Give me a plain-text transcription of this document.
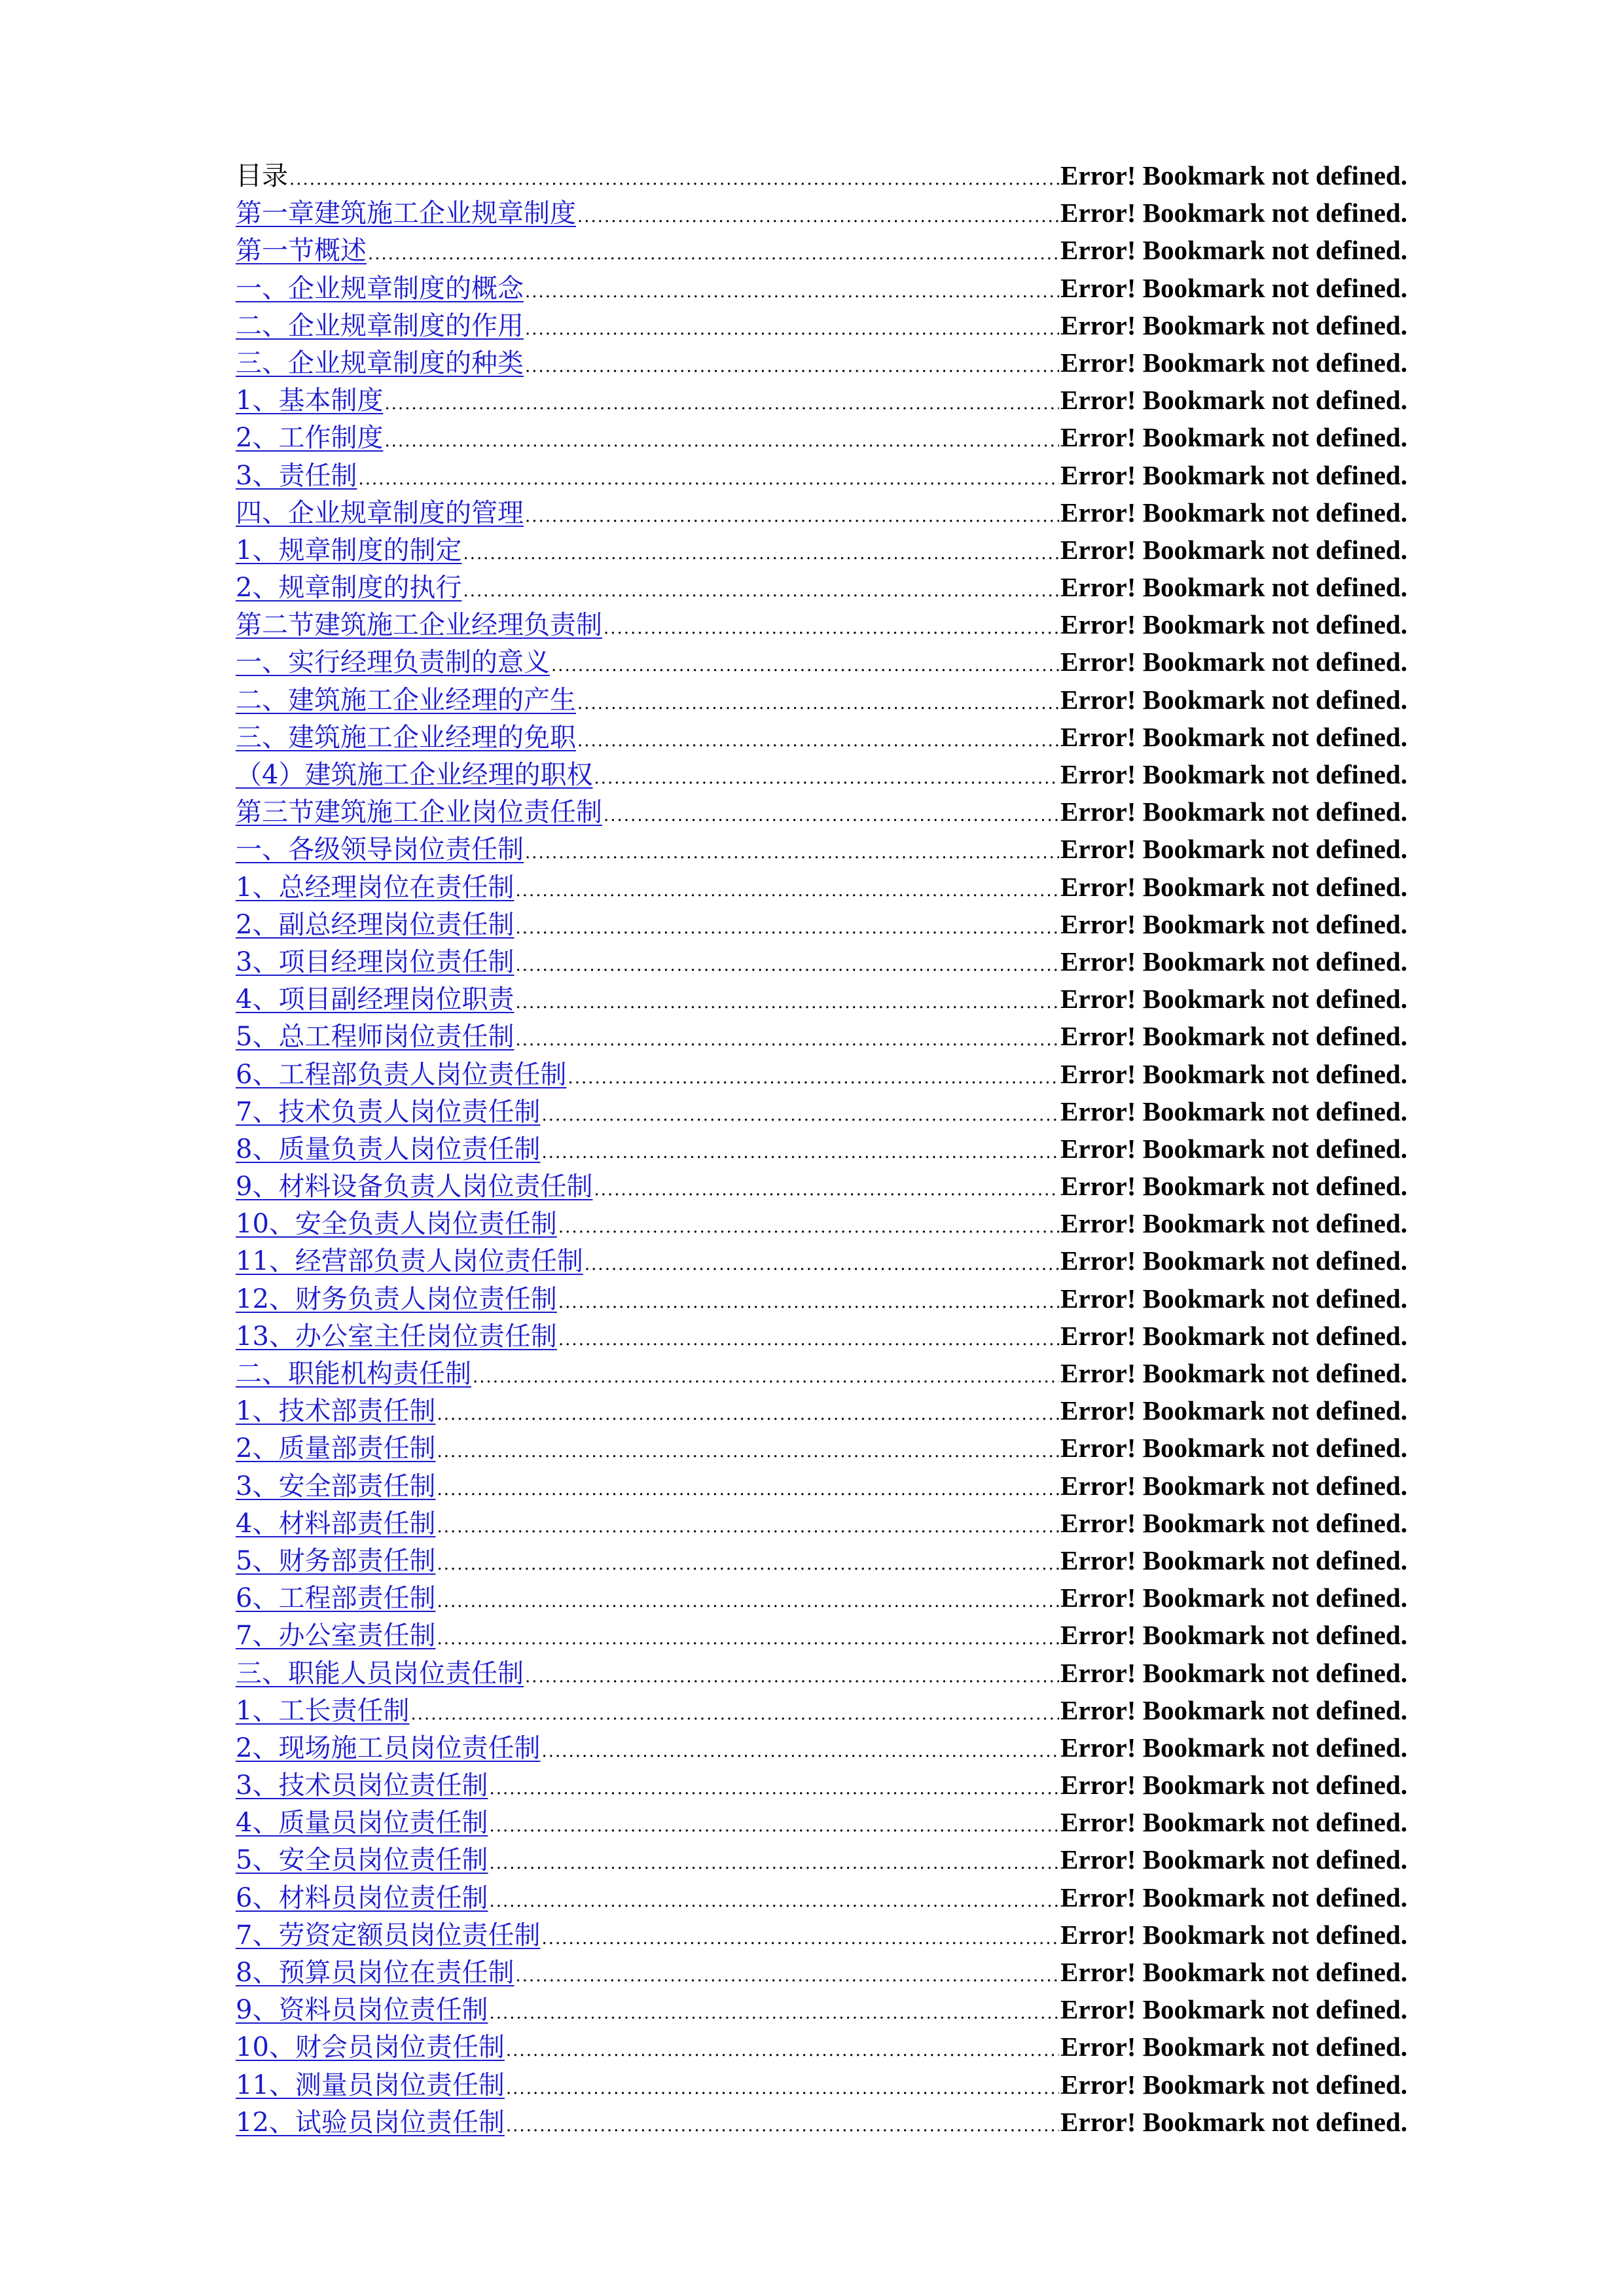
目录 .....	Error! Bookmark not defined.
第一章建筑施工企业规章制度 .....	Error! Bookmark not defined.
第一节概述 .....	Error! Bookmark not defined.
一、企业规章制度的概念 .....	Error! Bookmark not defined.
二、企业规章制度的作用 .....	Error! Bookmark not defined.
三、企业规章制度的种类 .....	Error! Bookmark not defined.
1、基本制度 .....	Error! Bookmark not defined.
2、工作制度 .....	Error! Bookmark not defined.
3、责任制 .....	Error! Bookmark not defined.
四、企业规章制度的管理 .....	Error! Bookmark not defined.
1、规章制度的制定 .....	Error! Bookmark not defined.
2、规章制度的执行 .....	Error! Bookmark not defined.
第二节建筑施工企业经理负责制 .....	Error! Bookmark not defined.
一、实行经理负责制的意义 .....	Error! Bookmark not defined.
二、建筑施工企业经理的产生 .....	Error! Bookmark not defined.
三、建筑施工企业经理的免职 .....	Error! Bookmark not defined.
（4）建筑施工企业经理的职权 .....	Error! Bookmark not defined.
第三节建筑施工企业岗位责任制 .....	Error! Bookmark not defined.
一、各级领导岗位责任制 .....	Error! Bookmark not defined.
1、总经理岗位在责任制 .....	Error! Bookmark not defined.
2、副总经理岗位责任制 .....	Error! Bookmark not defined.
3、项目经理岗位责任制 .....	Error! Bookmark not defined.
4、项目副经理岗位职责 .....	Error! Bookmark not defined.
5、总工程师岗位责任制 .....	Error! Bookmark not defined.
6、工程部负责人岗位责任制 .....	Error! Bookmark not defined.
7、技术负责人岗位责任制 .....	Error! Bookmark not defined.
8、质量负责人岗位责任制 .....	Error! Bookmark not defined.
9、材料设备负责人岗位责任制 .....	Error! Bookmark not defined.
10、安全负责人岗位责任制 .....	Error! Bookmark not defined.
11、经营部负责人岗位责任制 .....	Error! Bookmark not defined.
12、财务负责人岗位责任制 .....	Error! Bookmark not defined.
13、办公室主任岗位责任制 .....	Error! Bookmark not defined.
二、职能机构责任制 .....	Error! Bookmark not defined.
1、技术部责任制 .....	Error! Bookmark not defined.
2、质量部责任制 .....	Error! Bookmark not defined.
3、安全部责任制 .....	Error! Bookmark not defined.
4、材料部责任制 .....	Error! Bookmark not defined.
5、财务部责任制 .....	Error! Bookmark not defined.
6、工程部责任制 .....	Error! Bookmark not defined.
7、办公室责任制 .....	Error! Bookmark not defined.
三、职能人员岗位责任制 .....	Error! Bookmark not defined.
1、工长责任制 .....	Error! Bookmark not defined.
2、现场施工员岗位责任制 .....	Error! Bookmark not defined.
3、技术员岗位责任制 .....	Error! Bookmark not defined.
4、质量员岗位责任制 .....	Error! Bookmark not defined.
5、安全员岗位责任制 .....	Error! Bookmark not defined.
6、材料员岗位责任制 .....	Error! Bookmark not defined.
7、劳资定额员岗位责任制 .....	Error! Bookmark not defined.
8、预算员岗位在责任制 .....	Error! Bookmark not defined.
9、资料员岗位责任制 .....	Error! Bookmark not defined.
10、财会员岗位责任制 .....	Error! Bookmark not defined.
11、测量员岗位责任制 .....	Error! Bookmark not defined.
12、试验员岗位责任制 .....	Error! Bookmark not defined.
